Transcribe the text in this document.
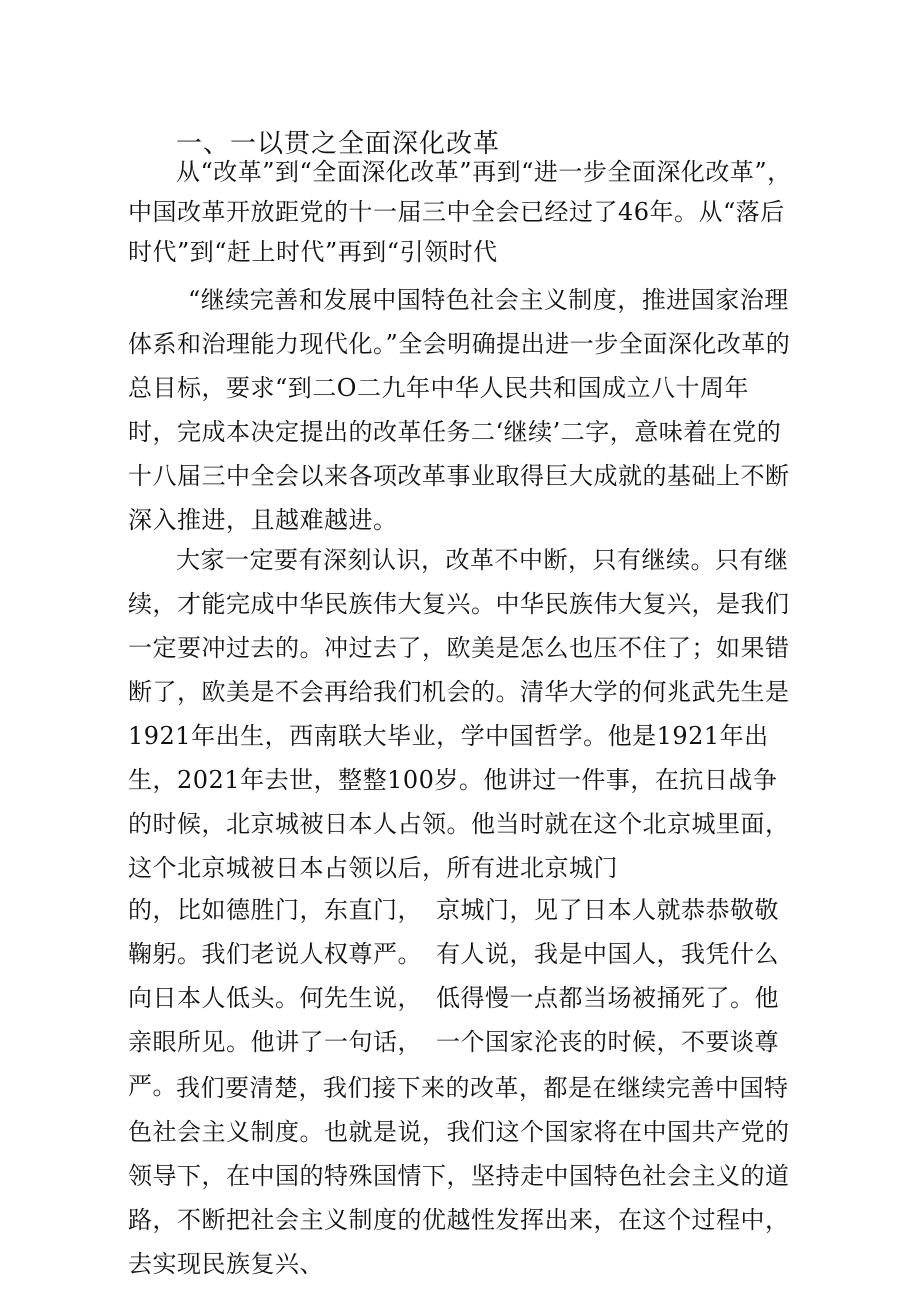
一、一以贯之全面深化改革

从“改革”到“全面深化改革”再到“进一步全面深化改革”，中国改革开放距党的十一届三中全会已经过了46年。从“落后时代”到“赶上时代”再到“引领时代

“继续完善和发展中国特色社会主义制度，推进国家治理体系和治理能力现代化。”全会明确提出进一步全面深化改革的总目标，要求“到二O二九年中华人民共和国成立八十周年时，完成本决定提出的改革任务二‘继续’二字，意味着在党的十八届三中全会以来各项改革事业取得巨大成就的基础上不断深入推进，且越难越进。

大家一定要有深刻认识，改革不中断，只有继续。只有继续，才能完成中华民族伟大复兴。中华民族伟大复兴，是我们一定要冲过去的。冲过去了，欧美是怎么也压不住了；如果错断了，欧美是不会再给我们机会的。清华大学的何兆武先生是1921年出生，西南联大毕业，学中国哲学。他是1921年出生，2021年去世，整整100岁。他讲过一件事，在抗日战争的时候，北京城被日本人占领。他当时就在这个北京城里面，这个北京城被日本占领以后，所有进北京城门

的，比如德胜门，东直门，鞠躬。我们老说人权尊严。向日本人低头。何先生说，亲眼所见。他讲了一句话，严。

京城门，见了日本人就恭恭敬敬有人说，我是中国人，我凭什么低得慢一点都当场被捅死了。他一个国家沦丧的时候，不要谈尊

我们要清楚，我们接下来的改革，都是在继续完善中国特色社会主义制度。也就是说，我们这个国家将在中国共产党的领导下，在中国的特殊国情下，坚持走中国特色社会主义的道路，不断把社会主义制度的优越性发挥出来，在这个过程中，去实现民族复兴、
